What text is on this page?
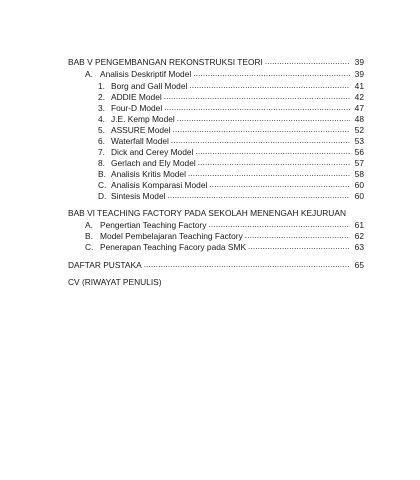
BAB V PENGEMBANGAN REKONSTRUKSI TEORI .....	39
A. Analisis Deskriptif Model .....	39
1. Borg and Gall Model .....	41
2. ADDIE Model .....	42
3. Four-D Model .....	47
4. J.E. Kemp Model .....	48
5. ASSURE Model .....	52
6. Waterfall Model .....	53
7. Dick and Cerey Model .....	56
8. Gerlach and Ely Model .....	57
B. Analisis Kritis Model .....	58
C. Analisis Komparasi Model .....	60
D. Sintesis Model .....	60
BAB VI TEACHING FACTORY PADA SEKOLAH MENENGAH KEJURUAN
A. Pengertian Teaching Factory .....	61
B. Model Pembelajaran Teaching Factory .....	62
C. Penerapan Teaching Facory pada SMK .....	63
DAFTAR PUSTAKA .....	65
CV (RIWAYAT PENULIS)
